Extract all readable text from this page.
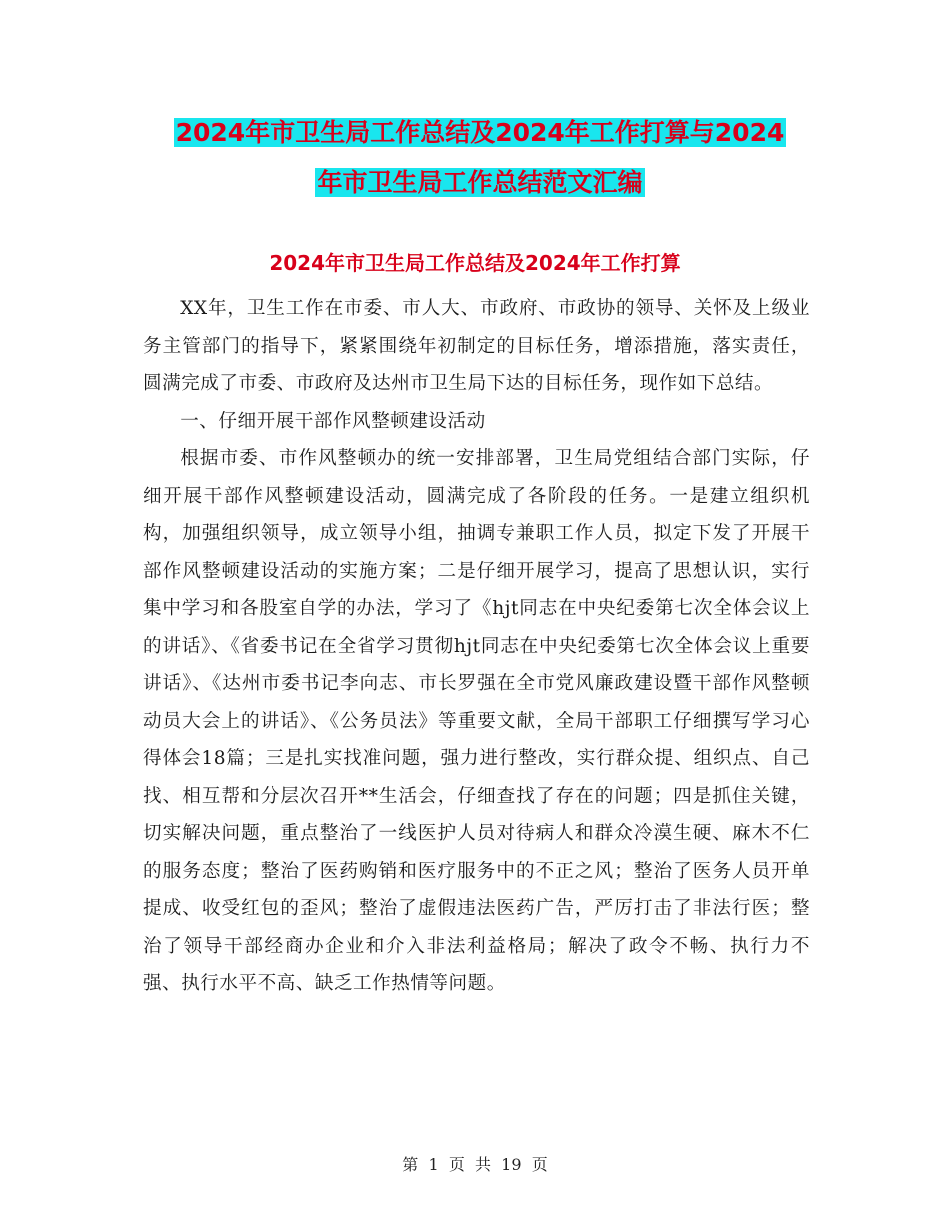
2024年市卫生局工作总结及2024年工作打算与2024
年市卫生局工作总结范文汇编
2024年市卫生局工作总结及2024年工作打算

XX年，卫生工作在市委、市人大、市政府、市政协的领导、关怀及上级业务主管部门的指导下，紧紧围绕年初制定的目标任务，增添措施，落实责任，圆满完成了市委、市政府及达州市卫生局下达的目标任务，现作如下总结。

一、仔细开展干部作风整顿建设活动

根据市委、市作风整顿办的统一安排部署，卫生局党组结合部门实际，仔细开展干部作风整顿建设活动，圆满完成了各阶段的任务。一是建立组织机构，加强组织领导，成立领导小组，抽调专兼职工作人员，拟定下发了开展干部作风整顿建设活动的实施方案；二是仔细开展学习，提高了思想认识，实行集中学习和各股室自学的办法，学习了《hjt同志在中央纪委第七次全体会议上的讲话》、《省委书记在全省学习贯彻hjt同志在中央纪委第七次全体会议上重要讲话》、《达州市委书记李向志、市长罗强在全市党风廉政建设暨干部作风整顿动员大会上的讲话》、《公务员法》等重要文献，全局干部职工仔细撰写学习心得体会18篇；三是扎实找准问题，强力进行整改，实行群众提、组织点、自己找、相互帮和分层次召开**生活会，仔细查找了存在的问题；四是抓住关键，切实解决问题，重点整治了一线医护人员对待病人和群众冷漠生硬、麻木不仁的服务态度；整治了医药购销和医疗服务中的不正之风；整治了医务人员开单提成、收受红包的歪风；整治了虚假违法医药广告，严厉打击了非法行医；整治了领导干部经商办企业和介入非法利益格局；解决了政令不畅、执行力不强、执行水平不高、缺乏工作热情等问题。

第  1  页  共  19  页
